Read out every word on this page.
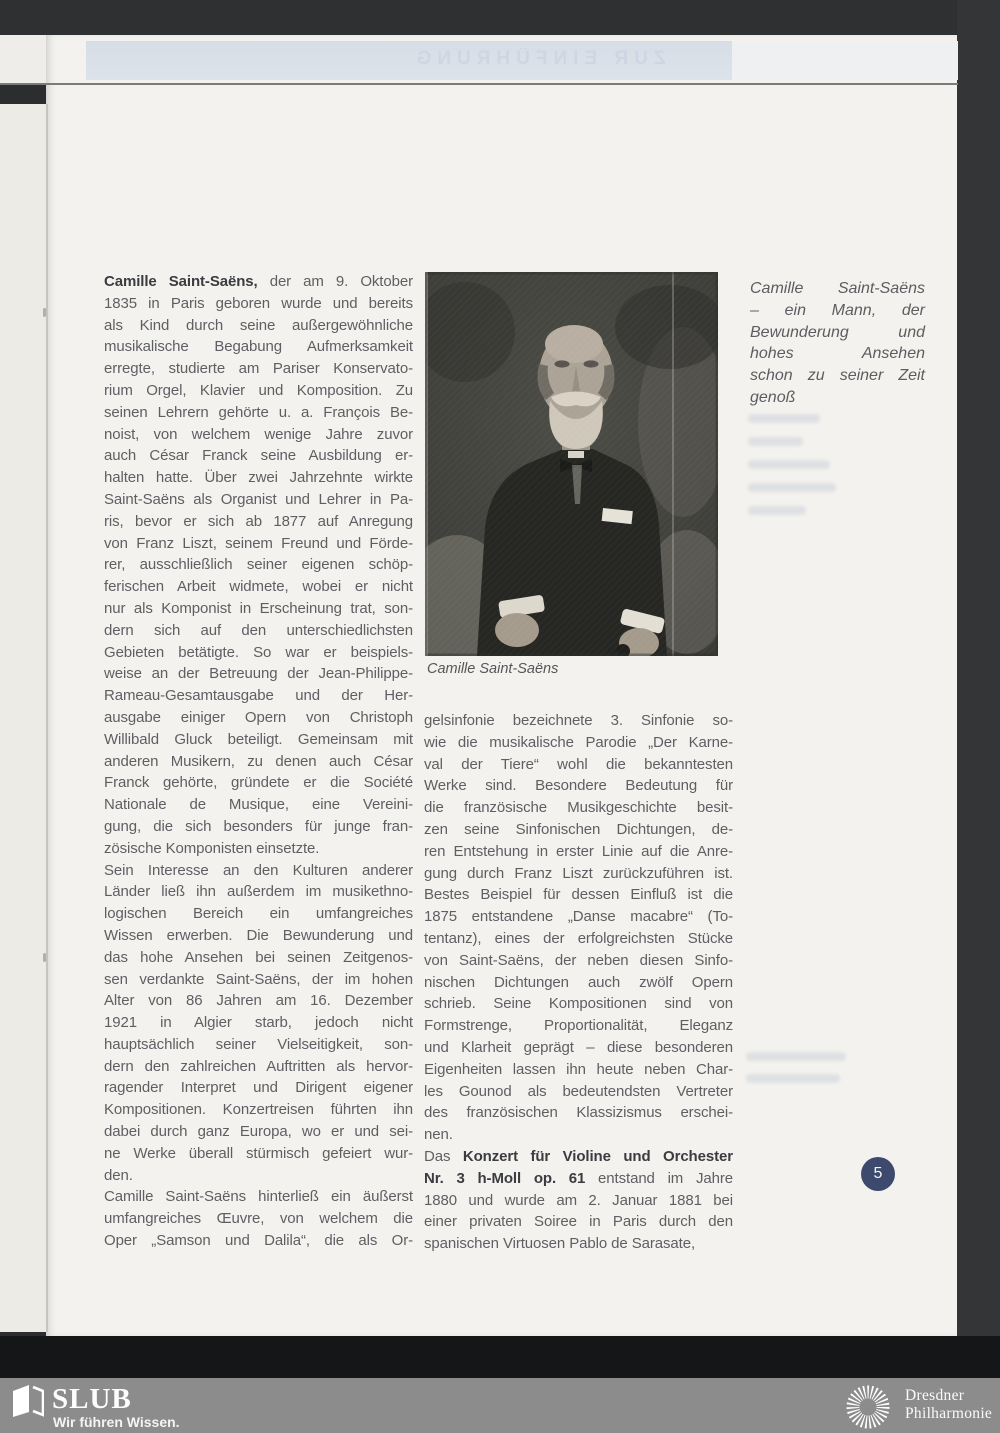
ZUR EINFÜHRUNG
Camille Saint-Saëns, der am 9. Oktober
1835 in Paris geboren wurde und bereits
als Kind durch seine außergewöhnliche
musikalische Begabung Aufmerksamkeit
erregte, studierte am Pariser Konservato-
rium Orgel, Klavier und Komposition. Zu
seinen Lehrern gehörte u. a. François Be-
noist, von welchem wenige Jahre zuvor
auch César Franck seine Ausbildung er-
halten hatte. Über zwei Jahrzehnte wirkte
Saint-Saëns als Organist und Lehrer in Pa-
ris, bevor er sich ab 1877 auf Anregung
von Franz Liszt, seinem Freund und Förde-
rer, ausschließlich seiner eigenen schöp-
ferischen Arbeit widmete, wobei er nicht
nur als Komponist in Erscheinung trat, son-
dern sich auf den unterschiedlichsten
Gebieten betätigte. So war er beispiels-
weise an der Betreuung der Jean-Philippe-
Rameau-Gesamtausgabe und der Her-
ausgabe einiger Opern von Christoph
Willibald Gluck beteiligt. Gemeinsam mit
anderen Musikern, zu denen auch César
Franck gehörte, gründete er die Société
Nationale de Musique, eine Vereini-
gung, die sich besonders für junge fran-
zösische Komponisten einsetzte.
Sein Interesse an den Kulturen anderer
Länder ließ ihn außerdem im musikethno-
logischen Bereich ein umfangreiches
Wissen erwerben. Die Bewunderung und
das hohe Ansehen bei seinen Zeitgenos-
sen verdankte Saint-Saëns, der im hohen
Alter von 86 Jahren am 16. Dezember
1921 in Algier starb, jedoch nicht
hauptsächlich seiner Vielseitigkeit, son-
dern den zahlreichen Auftritten als hervor-
ragender Interpret und Dirigent eigener
Kompositionen. Konzertreisen führten ihn
dabei durch ganz Europa, wo er und sei-
ne Werke überall stürmisch gefeiert wur-
den.
Camille Saint-Saëns hinterließ ein äußerst
umfangreiches Œuvre, von welchem die
Oper „Samson und Dalila“, die als Or-
Camille Saint-Saëns
Camille Saint-Saëns
– ein Mann, der
Bewunderung und
hohes Ansehen
schon zu seiner Zeit
genoß
gelsinfonie bezeichnete 3. Sinfonie so-
wie die musikalische Parodie „Der Karne-
val der Tiere“ wohl die bekanntesten
Werke sind. Besondere Bedeutung für
die französische Musikgeschichte besit-
zen seine Sinfonischen Dichtungen, de-
ren Entstehung in erster Linie auf die Anre-
gung durch Franz Liszt zurückzuführen ist.
Bestes Beispiel für dessen Einfluß ist die
1875 entstandene „Danse macabre“ (To-
tentanz), eines der erfolgreichsten Stücke
von Saint-Saëns, der neben diesen Sinfo-
nischen Dichtungen auch zwölf Opern
schrieb. Seine Kompositionen sind von
Formstrenge, Proportionalität, Eleganz
und Klarheit geprägt – diese besonderen
Eigenheiten lassen ihn heute neben Char-
les Gounod als bedeutendsten Vertreter
des französischen Klassizismus erschei-
nen.
Das Konzert für Violine und Orchester
Nr. 3 h-Moll op. 61 entstand im Jahre
1880 und wurde am 2. Januar 1881 bei
einer privaten Soiree in Paris durch den
spanischen Virtuosen Pablo de Sarasate,
5
SLUB
Wir führen Wissen.
Dresdner
Philharmonie
